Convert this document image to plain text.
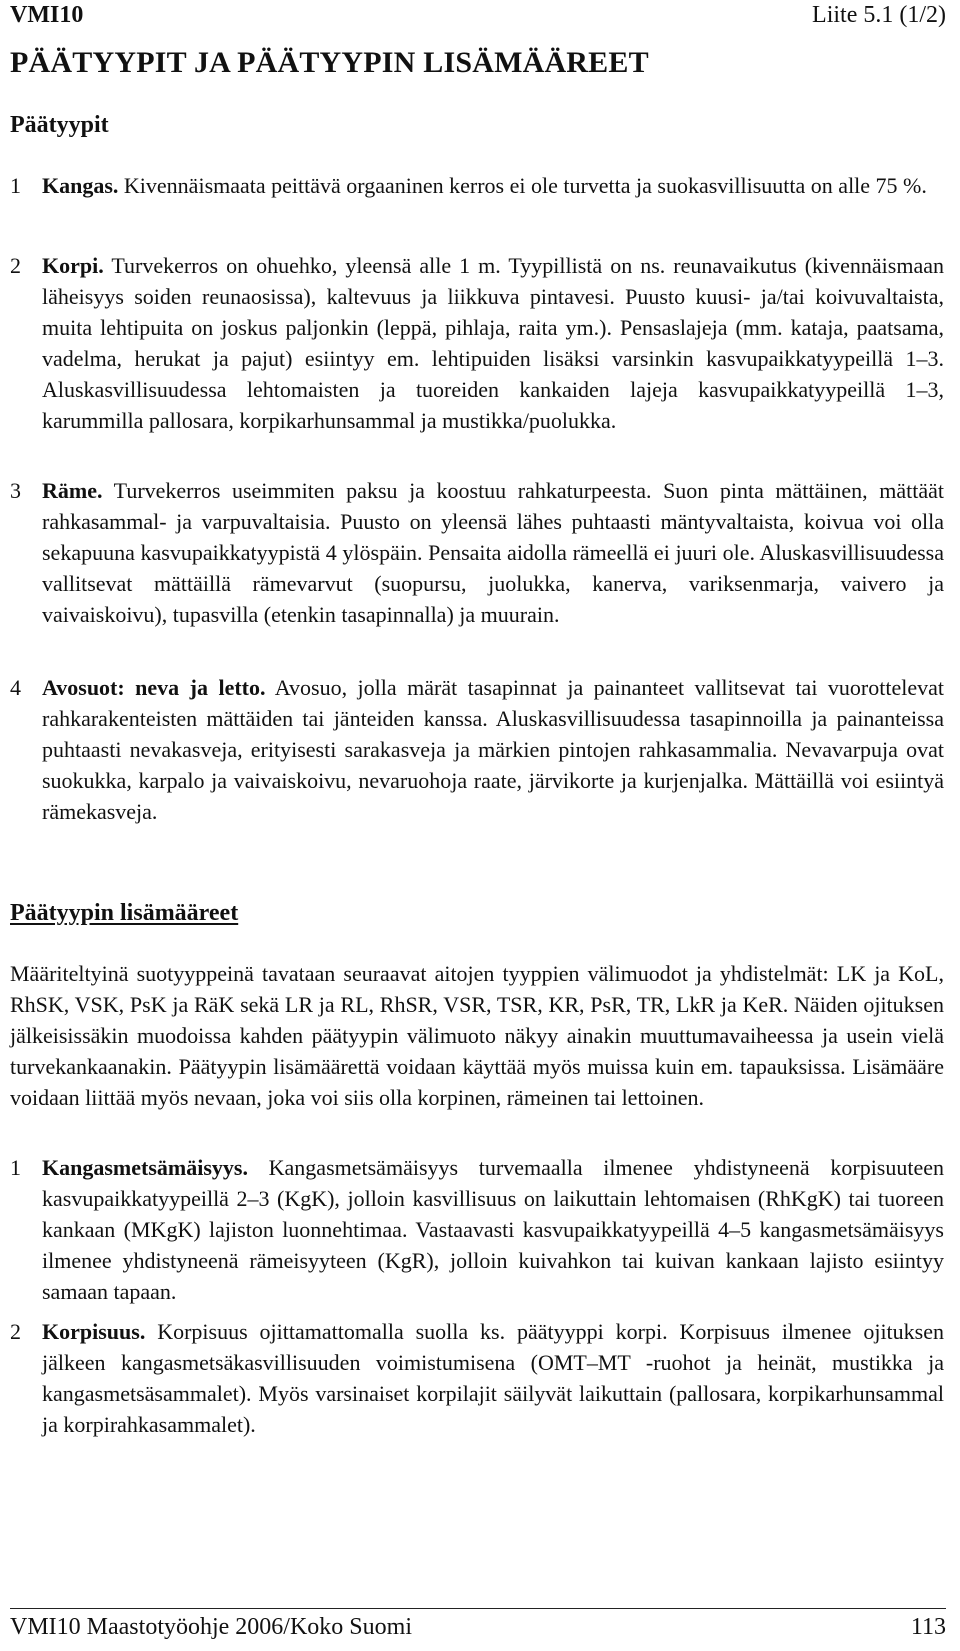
VMI10	Liite 5.1 (1/2)
PÄÄTYYPIT JA PÄÄTYYPIN LISÄMÄÄREET
Päätyypit
1 Kangas. Kivennäismaata peittävä orgaaninen kerros ei ole turvetta ja suokasvillisuutta on alle 75 %.
2 Korpi. Turvekerros on ohuehko, yleensä alle 1 m. Tyypillistä on ns. reunavaikutus (kivennäismaan läheisyys soiden reunaosissa), kaltevuus ja liikkuva pintavesi. Puusto kuusi- ja/tai koivuvaltaista, muita lehtipuita on joskus paljonkin (leppä, pihlaja, raita ym.). Pensaslajeja (mm. kataja, paatsama, vadelma, herukat ja pajut) esiintyy em. lehtipuiden lisäksi varsinkin kasvupaikkatyypeillä 1–3. Aluskasvillisuudessa lehtomaisten ja tuoreiden kankaiden lajeja kasvupaikkatyypeillä 1–3, karummilla pallosara, korpikarhunsammal ja mustikka/puolukka.
3 Räme. Turvekerros useimmiten paksu ja koostuu rahkaturpeesta. Suon pinta mättäinen, mättäät rahkasammal- ja varpuvaltaisia. Puusto on yleensä lähes puhtaasti mäntyvaltaista, koivua voi olla sekapuuna kasvupaikkatyypistä 4 ylöspäin. Pensaita aidolla rämeellä ei juuri ole. Aluskasvillisuudessa vallitsevat mättäillä rämevarvut (suopursu, juolukka, kanerva, variksenmarja, vaivero ja vaivaiskoivu), tupasvilla (etenkin tasapinnalla) ja muurain.
4 Avosuot: neva ja letto. Avosuo, jolla märät tasapinnat ja painanteet vallitsevat tai vuorottelevat rahkarakenteisten mättäiden tai jänteiden kanssa. Aluskasvillisuudessa tasapinnoilla ja painanteissa puhtaasti nevakasveja, erityisesti sarakasveja ja märkien pintojen rahkasammalia. Nevavarpuja ovat suokukka, karpalo ja vaivaiskoivu, nevaruohoja raate, järvikorte ja kurjenjalka. Mättäillä voi esiintyä rämekasveja.
Päätyypin lisämääreet
Määriteltyinä suotyyppeinä tavataan seuraavat aitojen tyyppien välimuodot ja yhdistelmät: LK ja KoL, RhSK, VSK, PsK ja RäK sekä LR ja RL, RhSR, VSR, TSR, KR, PsR, TR, LkR ja KeR. Näiden ojituksen jälkeisissäkin muodoissa kahden päätyypin välimuoto näkyy ainakin muuttumavaiheessa ja usein vielä turvekankaanakin. Päätyypin lisämäärettä voidaan käyttää myös muissa kuin em. tapauksissa. Lisämääre voidaan liittää myös nevaan, joka voi siis olla korpinen, rämeinen tai lettoinen.
1 Kangasmetsämäisyys. Kangasmetsämäisyys turvemaalla ilmenee yhdistyneenä korpisuuteen kasvupaikkatyypeillä 2–3 (KgK), jolloin kasvillisuus on laikuttain lehtomaisen (RhKgK) tai tuoreen kankaan (MKgK) lajiston luonnehtimaa. Vastaavasti kasvupaikkatyypeillä 4–5 kangasmetsämäisyys ilmenee yhdistyneenä rämeisyyteen (KgR), jolloin kuivahkon tai kuivan kankaan lajisto esiintyy samaan tapaan.
2 Korpisuus. Korpisuus ojittamattomalla suolla ks. päätyyppi korpi. Korpisuus ilmenee ojituksen jälkeen kangasmetsäkasvillisuuden voimistumisena (OMT–MT -ruohot ja heinät, mustikka ja kangasmetsäsammalet). Myös varsinaiset korpilajit säilyvät laikuttain (pallosara, korpikarhunsammal ja korpirahkasammalet).
VMI10 Maastotyöohje 2006/Koko Suomi	113
